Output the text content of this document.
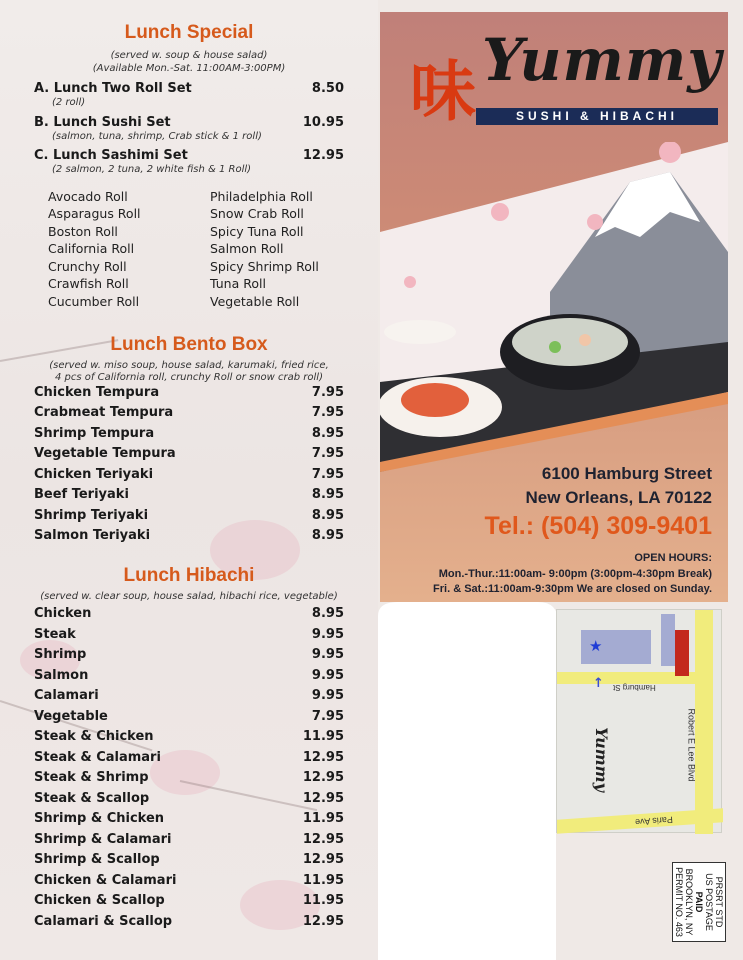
Lunch Special
(served w. soup & house salad)
(Available Mon.-Sat. 11:00AM-3:00PM)
A. Lunch Two Roll Set	8.50
(2 roll)
B. Lunch Sushi Set	10.95
(salmon, tuna, shrimp, Crab stick & 1 roll)
C. Lunch Sashimi Set	12.95
(2 salmon, 2 tuna, 2 white fish & 1 Roll)
Avocado Roll
Asparagus Roll
Boston Roll
California Roll
Crunchy Roll
Crawfish Roll
Cucumber Roll
Philadelphia Roll
Snow Crab Roll
Spicy Tuna Roll
Salmon Roll
Spicy Shrimp Roll
Tuna Roll
Vegetable Roll
Lunch Bento Box
(served w. miso soup, house salad, karumaki, fried rice,
4 pcs of California roll, crunchy Roll or snow crab roll)
Chicken Tempura	7.95
Crabmeat Tempura	7.95
Shrimp Tempura	8.95
Vegetable Tempura	7.95
Chicken Teriyaki	7.95
Beef Teriyaki	8.95
Shrimp Teriyaki	8.95
Salmon Teriyaki	8.95
Lunch Hibachi
(served w. clear soup, house salad, hibachi rice, vegetable)
Chicken	8.95
Steak	9.95
Shrimp	9.95
Salmon	9.95
Calamari	9.95
Vegetable	7.95
Steak & Chicken	11.95
Steak & Calamari	12.95
Steak & Shrimp	12.95
Steak & Scallop	12.95
Shrimp & Chicken	11.95
Shrimp & Calamari	12.95
Shrimp & Scallop	12.95
Chicken & Calamari	11.95
Chicken & Scallop	11.95
Calamari & Scallop	12.95
味 Yummy
SUSHI & HIBACHI
6100 Hamburg Street
New Orleans, LA 70122
Tel.: (504) 309-9401
OPEN HOURS:
Mon.-Thur.:11:00am- 9:00pm (3:00pm-4:30pm Break)
Fri. & Sat.:11:00am-9:30pm We are closed on Sunday.
★
↑ Hamburg St
Robert E Lee Blvd
Paris Ave
Yummy
PRSRT STD
US POSTAGE
PAID
BROOKLYN, NY
PERMIT NO. 463
